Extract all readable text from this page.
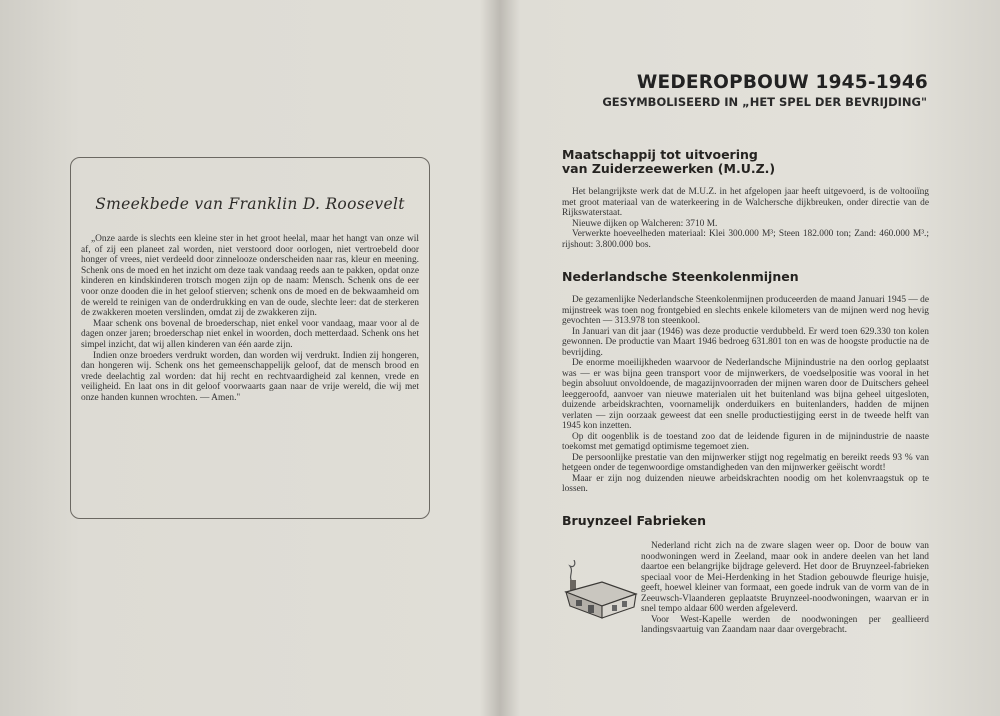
Smeekbede van Franklin D. Roosevelt

„Onze aarde is slechts een kleine ster in het groot heelal, maar het hangt van onze wil af, of zij een planeet zal worden, niet verstoord door oorlogen, niet vertroebeld door honger of vrees, niet verdeeld door zinnelooze onderscheiden naar ras, kleur en meening. Schenk ons de moed en het inzicht om deze taak vandaag reeds aan te pakken, opdat onze kinderen en kindskinderen trotsch mogen zijn op de naam: Mensch. Schenk ons de eer voor onze dooden die in het geloof stierven; schenk ons de moed en de bekwaamheid om de wereld te reinigen van de onderdrukking en van de oude, slechte leer: dat de sterkeren de zwakkeren moeten verslinden, omdat zij de zwakkeren zijn.

Maar schenk ons bovenal de broederschap, niet enkel voor vandaag, maar voor al de dagen onzer jaren; broederschap niet enkel in woorden, doch metterdaad. Schenk ons het simpel inzicht, dat wij allen kinderen van één aarde zijn.

Indien onze broeders verdrukt worden, dan worden wij verdrukt. Indien zij hongeren, dan hongeren wij. Schenk ons het gemeenschappelijk geloof, dat de mensch brood en vrede deelachtig zal worden: dat hij recht en rechtvaardigheid zal kennen, vrede en veiligheid. En laat ons in dit geloof voorwaarts gaan naar de vrije wereld, die wij met onze handen kunnen wrochten. — Amen."

WEDEROPBOUW 1945-1946
GESYMBOLISEERD IN „HET SPEL DER BEVRIJDING"
Maatschappij tot uitvoering
van Zuiderzeewerken (M.U.Z.)

Het belangrijkste werk dat de M.U.Z. in het afgelopen jaar heeft uitgevoerd, is de voltooiïng met groot materiaal van de waterkeering in de Walchersche dijkbreuken, onder directie van de Rijkswaterstaat.

Nieuwe dijken op Walcheren: 3710 M.

Verwerkte hoeveelheden materiaal: Klei 300.000 M³; Steen 182.000 ton; Zand: 460.000 M³.; rijshout: 3.800.000 bos.

Nederlandsche Steenkolenmijnen

De gezamenlijke Nederlandsche Steenkolenmijnen produceerden de maand Januari 1945 — de mijnstreek was toen nog frontgebied en slechts enkele kilometers van de mijnen werd nog hevig gevochten — 313.978 ton steenkool.

In Januari van dit jaar (1946) was deze productie verdubbeld. Er werd toen 629.330 ton kolen gewonnen. De productie van Maart 1946 bedroeg 631.801 ton en was de hoogste productie na de bevrijding.

De enorme moeilijkheden waarvoor de Nederlandsche Mijnindustrie na den oorlog geplaatst was — er was bijna geen transport voor de mijnwerkers, de voedselpositie was vooral in het begin absoluut onvoldoende, de magazijnvoorraden der mijnen waren door de Duitschers geheel leeggeroofd, aanvoer van nieuwe materialen uit het buitenland was bijna geheel uitgesloten, duizende arbeidskrachten, voornamelijk onderduikers en buitenlanders, hadden de mijnen verlaten — zijn oorzaak geweest dat een snelle productiestijging eerst in de tweede helft van 1945 kon inzetten.

Op dit oogenblik is de toestand zoo dat de leidende figuren in de mijnindustrie de naaste toekomst met gematigd optimisme tegemoet zien.

De persoonlijke prestatie van den mijnwerker stijgt nog regelmatig en bereikt reeds 93 % van hetgeen onder de tegenwoordige omstandigheden van den mijnwerker geëischt wordt!

Maar er zijn nog duizenden nieuwe arbeidskrachten noodig om het kolenvraagstuk op te lossen.

Bruynzeel Fabrieken

Nederland richt zich na de zware slagen weer op. Door de bouw van noodwoningen werd in Zeeland, maar ook in andere deelen van het land daartoe een belangrijke bijdrage geleverd. Het door de Bruynzeel-fabrieken speciaal voor de Mei-Herdenking in het Stadion gebouwde fleurige huisje, geeft, hoewel kleiner van formaat, een goede indruk van de vorm van de in Zeeuwsch-Vlaanderen geplaatste Bruynzeel-noodwoningen, waarvan er in snel tempo aldaar 600 werden afgeleverd.

Voor West-Kapelle werden de noodwoningen per geallieerd landingsvaartuig van Zaandam naar daar overgebracht.
